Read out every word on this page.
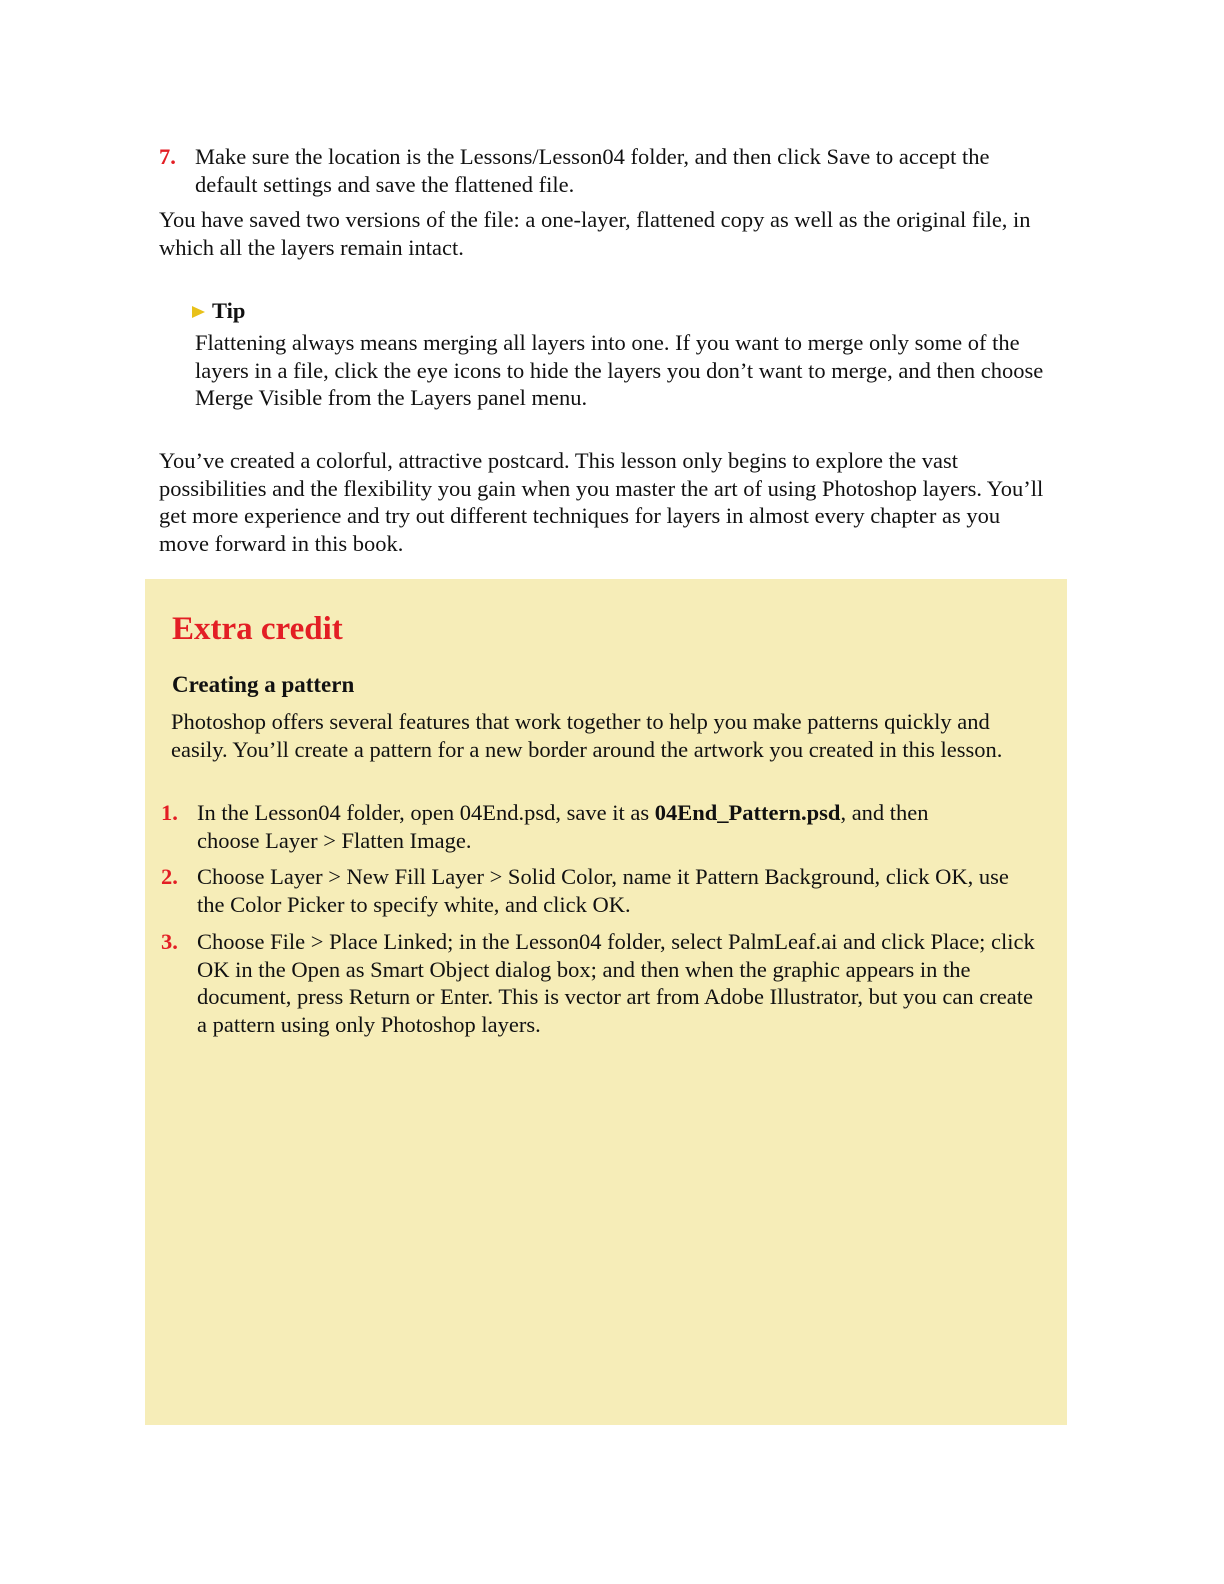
7. Make sure the location is the Lessons/Lesson04 folder, and then click Save to accept the default settings and save the flattened file.

You have saved two versions of the file: a one-layer, flattened copy as well as the original file, in which all the layers remain intact.

Tip

Flattening always means merging all layers into one. If you want to merge only some of the layers in a file, click the eye icons to hide the layers you don’t want to merge, and then choose Merge Visible from the Layers panel menu.

You’ve created a colorful, attractive postcard. This lesson only begins to explore the vast possibilities and the flexibility you gain when you master the art of using Photoshop layers. You’ll get more experience and try out different techniques for layers in almost every chapter as you move forward in this book.

Extra credit
Creating a pattern

Photoshop offers several features that work together to help you make patterns quickly and easily. You’ll create a pattern for a new border around the artwork you created in this lesson.

1. In the Lesson04 folder, open 04End.psd, save it as 04End_Pattern.psd, and then choose Layer > Flatten Image.
2. Choose Layer > New Fill Layer > Solid Color, name it Pattern Background, click OK, use the Color Picker to specify white, and click OK.
3. Choose File > Place Linked; in the Lesson04 folder, select PalmLeaf.ai and click Place; click OK in the Open as Smart Object dialog box; and then when the graphic appears in the document, press Return or Enter. This is vector art from Adobe Illustrator, but you can create a pattern using only Photoshop layers.
